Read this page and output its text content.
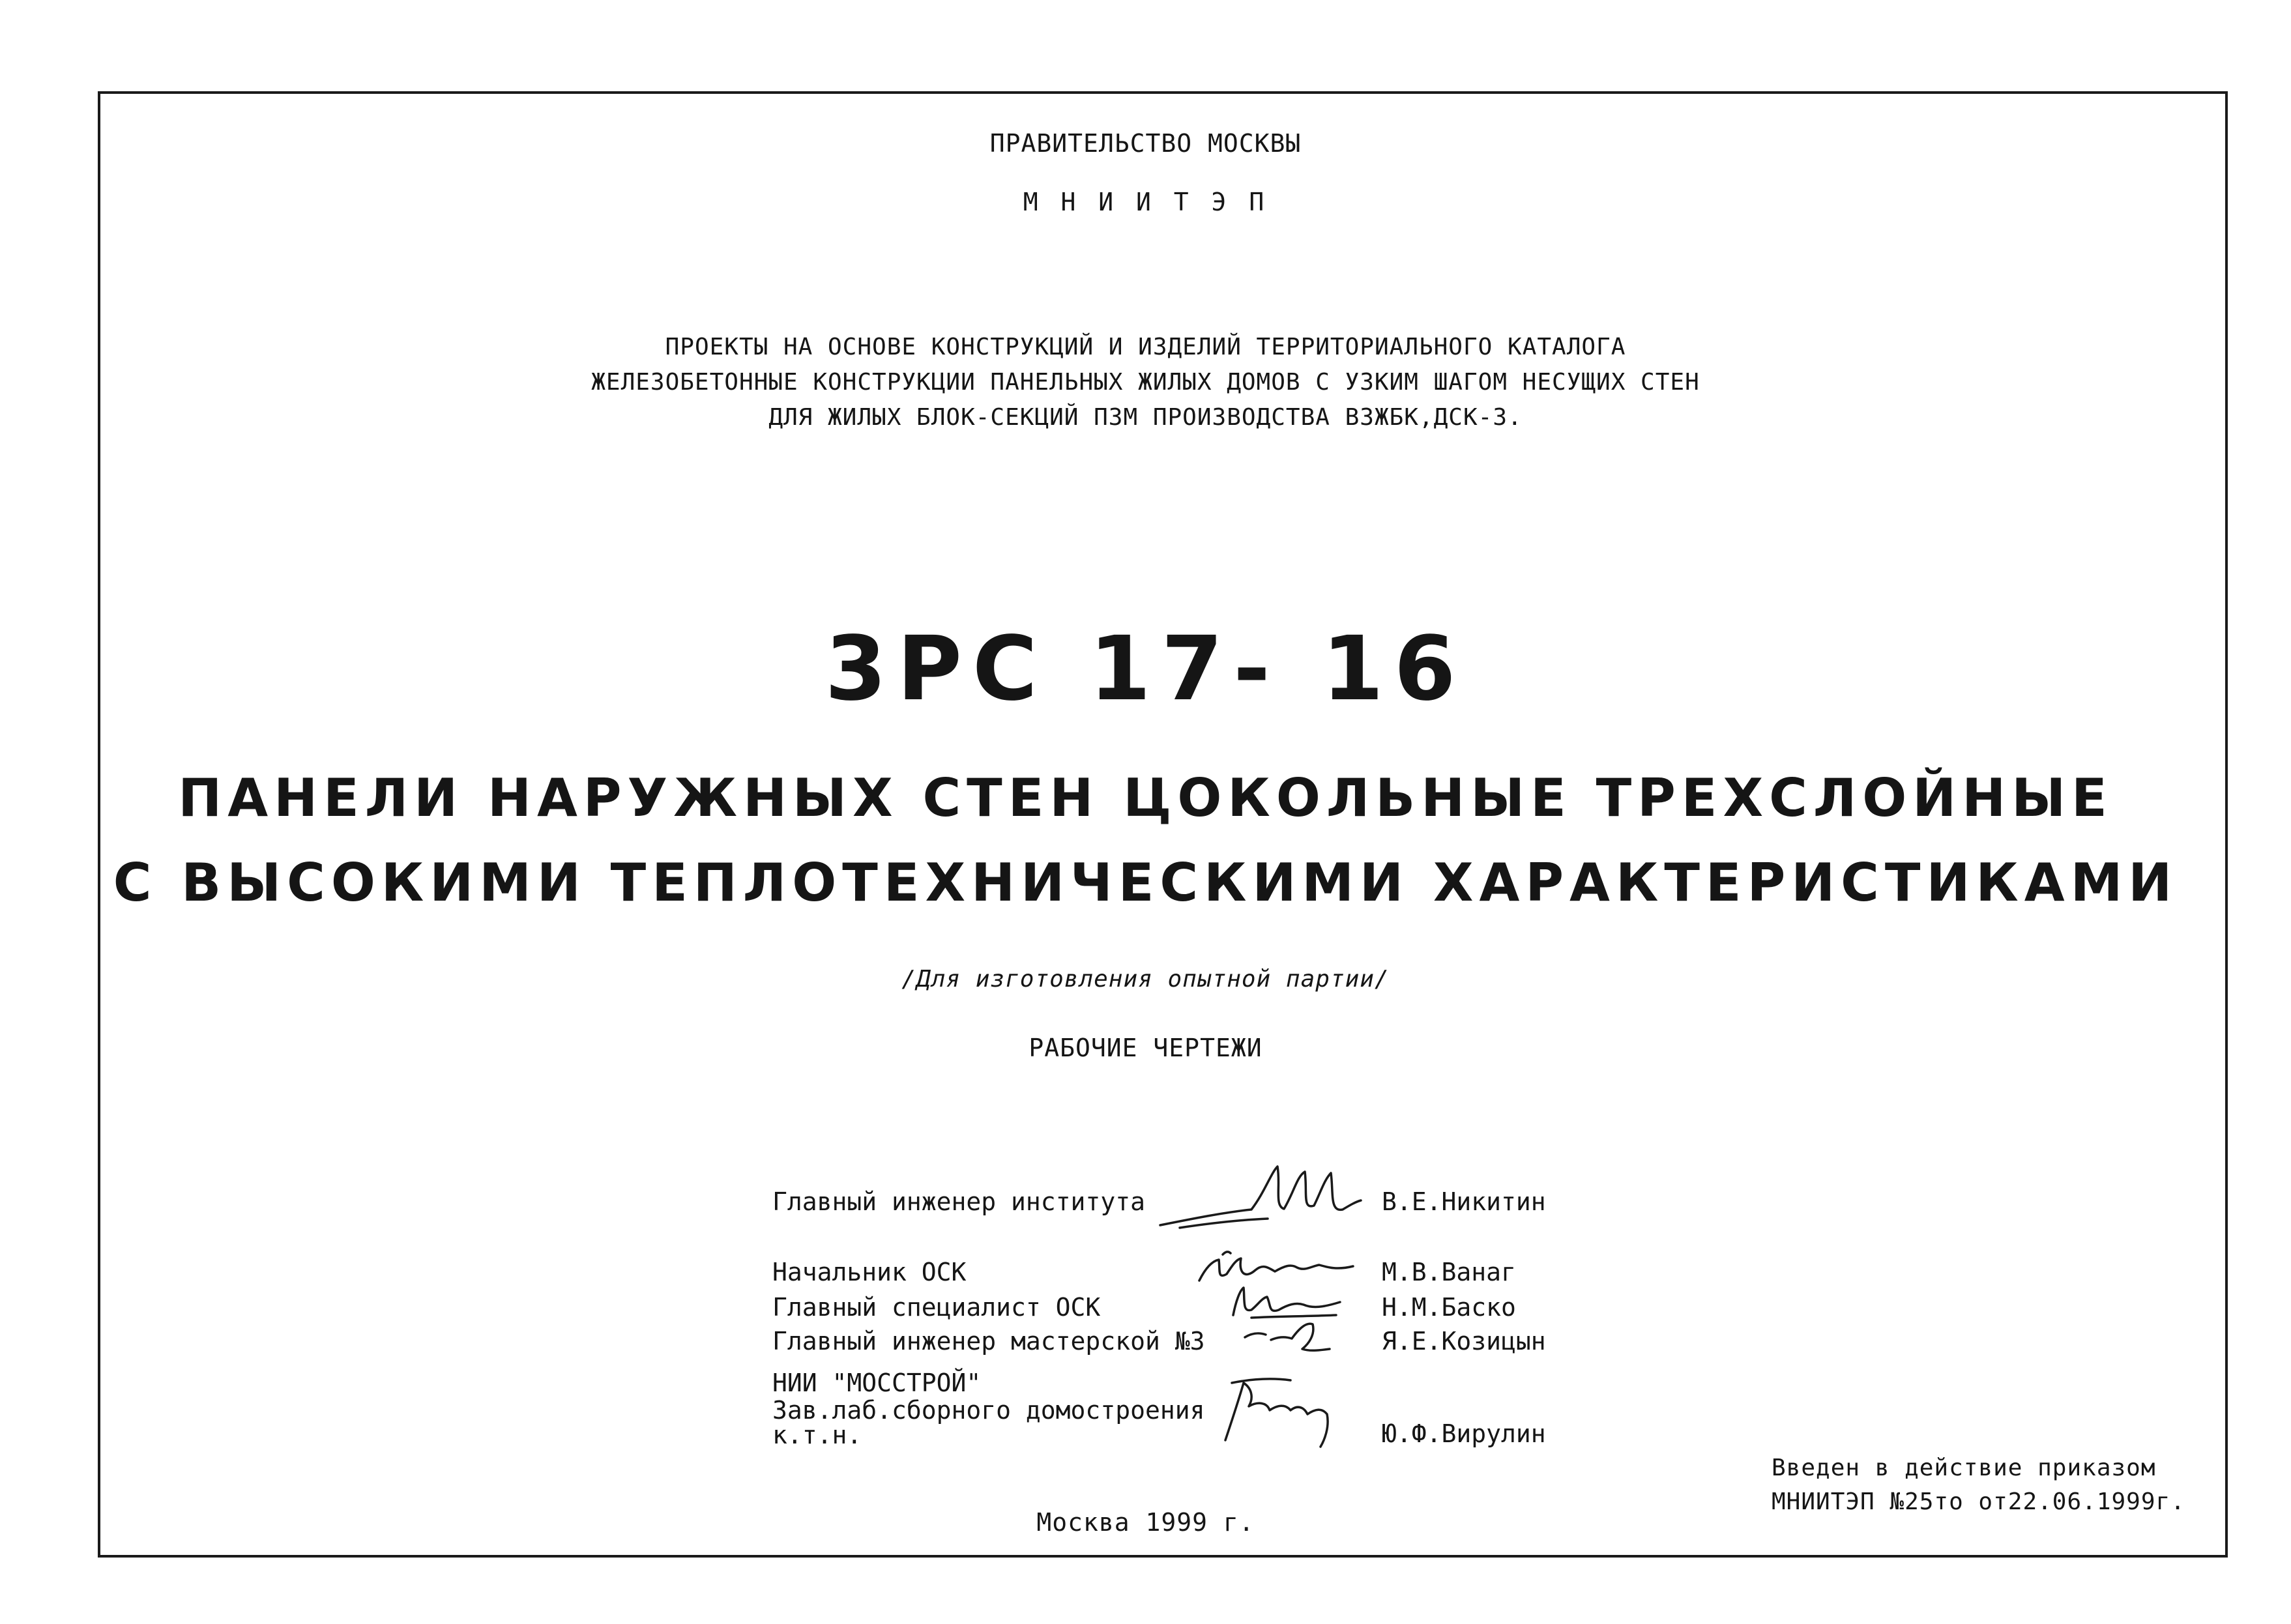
ПРАВИТЕЛЬСТВО МОСКВЫ
М Н И И Т Э П
ПРОЕКТЫ НА ОСНОВЕ КОНСТРУКЦИЙ И ИЗДЕЛИЙ ТЕРРИТОРИАЛЬНОГО КАТАЛОГА
ЖЕЛЕЗОБЕТОННЫЕ КОНСТРУКЦИИ ПАНЕЛЬНЫХ ЖИЛЫХ ДОМОВ С УЗКИМ ШАГОМ НЕСУЩИХ СТЕН
ДЛЯ ЖИЛЫХ БЛОК-СЕКЦИЙ ПЗМ ПРОИЗВОДСТВА ВЗЖБК,ДСК-3.
3РС 17- 16
ПАНЕЛИ НАРУЖНЫХ СТЕН ЦОКОЛЬНЫЕ ТРЕХСЛОЙНЫЕ
С ВЫСОКИМИ ТЕПЛОТЕХНИЧЕСКИМИ ХАРАКТЕРИСТИКАМИ
/Для изготовления опытной партии/
РАБОЧИЕ ЧЕРТЕЖИ
Главный инженер института	В.Е.Никитин
Начальник ОСК	М.В.Ванаг
Главный специалист ОСК	Н.М.Баско
Главный инженер мастерской №3	Я.Е.Козицын
НИИ "МОССТРОЙ"
Зав.лаб.сборного домостроения
к.т.н.	Ю.Ф.Вирулин
Введен в действие приказом
МНИИТЭП №25то от22.06.1999г.
Москва 1999 г.
